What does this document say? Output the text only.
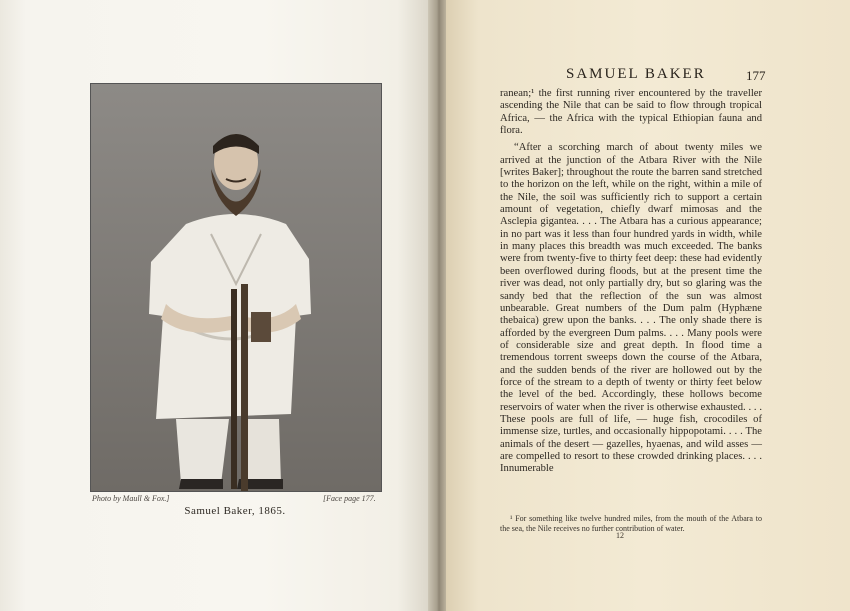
Photo by Maull & Fox.]	[Face page 177.
Samuel Baker, 1865.
SAMUEL BAKER	177

ranean;¹ the first running river encountered by the traveller ascending the Nile that can be said to flow through tropical Africa, — the Africa with the typical Ethiopian fauna and flora.

“After a scorching march of about twenty miles we arrived at the junction of the Atbara River with the Nile [writes Baker]; throughout the route the barren sand stretched to the horizon on the left, while on the right, within a mile of the Nile, the soil was sufficiently rich to support a certain amount of vegetation, chiefly dwarf mimosas and the Asclepia gigantea. . . . The Atbara has a curious appearance; in no part was it less than four hundred yards in width, while in many places this breadth was much exceeded. The banks were from twenty-five to thirty feet deep: these had evidently been overflowed during floods, but at the present time the river was dead, not only partially dry, but so glaring was the sandy bed that the reflection of the sun was almost unbearable. Great numbers of the Dum palm (Hyphæne thebaica) grew upon the banks. . . . The only shade there is afforded by the evergreen Dum palms. . . . Many pools were of considerable size and great depth. In flood time a tremendous torrent sweeps down the course of the Atbara, and the sudden bends of the river are hollowed out by the force of the stream to a depth of twenty or thirty feet below the level of the bed. Accordingly, these hollows become reservoirs of water when the river is otherwise exhausted. . . . These pools are full of life, — huge fish, crocodiles of immense size, turtles, and occasionally hippopotami. . . . The animals of the desert — gazelles, hyaenas, and wild asses — are compelled to resort to these crowded drinking places. . . . Innumerable

¹ For something like twelve hundred miles, from the mouth of the Atbara to the sea, the Nile receives no further contribution of water.
12
